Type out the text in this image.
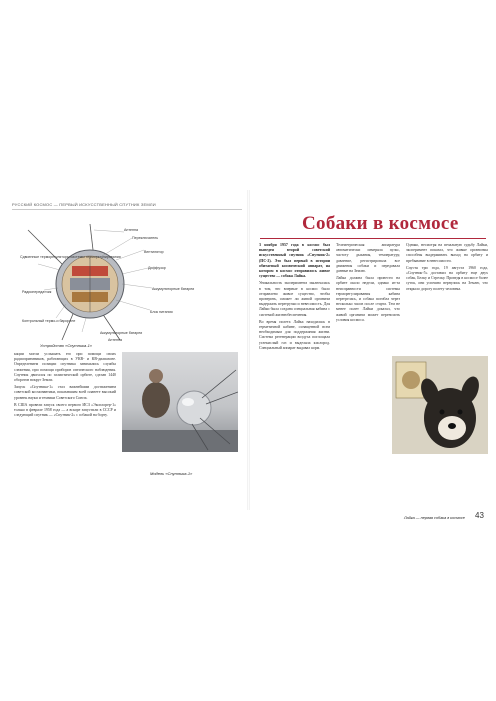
РУССКИЙ КОСМОС — ПЕРВЫЙ ИСКУССТВЕННЫЙ СПУТНИК ЗЕМЛИ
Антенна
Переключатель
Вентилятор
Диффузор
Аккумуляторные батареи
Блок питания
Сдвоенные терморегуляторы системы терморегулирования
Радиопередатчик
Контрольный термо-и барореле
Аккумуляторные батареи
Антенна
Устройство «Спутника-1»

кации могли услышать его при помощи своих радиоприемников, работающих в УКВ- и КВ-диапазоне. Определением позиции спутника занимались службы слежения, при помощи приборов оптического наблюдения. Спутник двигался по эллиптической орбите, сделав 1440 оборотов вокруг Земли.

Запуск «Спутника-1» стал важнейшим достижением советской космонавтики, показавшим всей планете высокий уровень науки и техники Советского Союза.

В США провели запуск своего первого ИСЗ «Эксплорер-1» только в феврале 1958 года — а вскоре запустили в СССР и следующий спутник — «Спутник-2» с собакой на борту.

Модель «Спутника-1»
Собаки в космосе

3 ноября 1957 года в космос был выведен второй советский искусственный спутник «Спутник-2» (ПС-2). Это был первый в истории обитаемый космический аппарат, на котором в космос отправилось живое существо — собака Лайка.

Уникальность эксперимента заключалась в том, что впервые в космос было отправлено живое существо, чтобы проверить, сможет ли живой организм выдержать перегрузки и невесомость. Для Лайки была создана специальная кабина с системой жизнеобеспечения.

Во время полета Лайка находилась в герметичной кабине, оснащенной всем необходимым для поддержания жизни. Система регенерации воздуха поглощала углекислый газ и выделяла кислород. Специальный аппарат выдавал корм.

Телеметрическая аппаратура автоматически измеряла пульс, частоту дыхания, температуру, давление, регистрировала все движения собаки и передавала данные на Землю.

Лайка должна была провести на орбите около недели, однако из-за неисправности системы терморегулирования кабина перегрелась, и собака погибла через несколько часов после старта. Тем не менее полет Лайки доказал, что живой организм может переносить условия космоса.

Однако, несмотря на печальную судьбу Лайки, эксперимент показал, что живые организмы способны выдерживать выход на орбиту и пребывание в невесомости.

Спустя три года, 19 августа 1960 года, «Спутник-5» доставил на орбиту еще двух собак, Белку и Стрелку. Проведя в космосе более суток, они успешно вернулись на Землю, что открыло дорогу полету человека.

Лайка — первая собака в космосе 43
